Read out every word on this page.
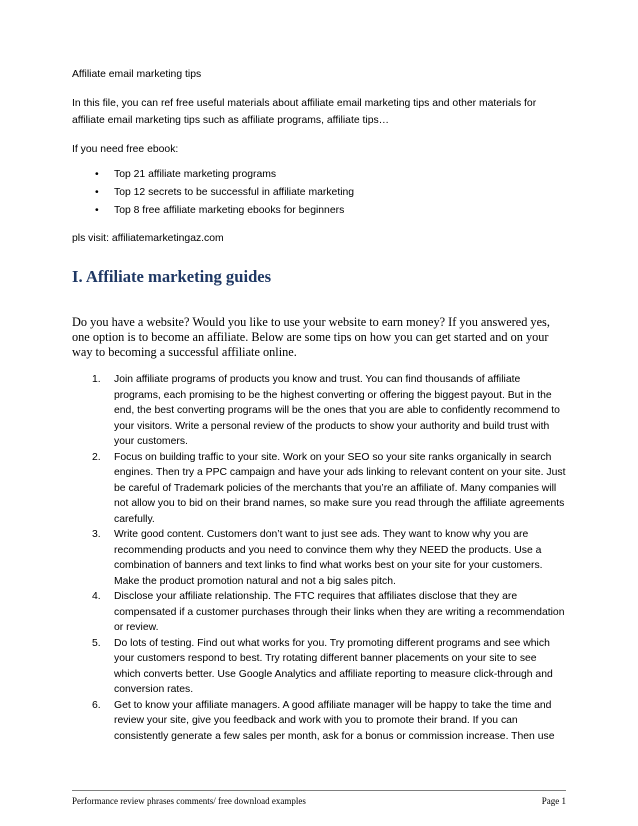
Affiliate email marketing tips

In this file, you can ref free useful materials about affiliate email marketing tips and other materials for affiliate email marketing tips such as affiliate programs, affiliate tips…

If you need free ebook:

• Top 21 affiliate marketing programs
• Top 12 secrets to be successful in affiliate marketing
• Top 8 free affiliate marketing ebooks for beginners

pls visit: affiliatemarketingaz.com

I. Affiliate marketing guides

Do you have a website? Would you like to use your website to earn money? If you answered yes, one option is to become an affiliate. Below are some tips on how you can get started and on your way to becoming a successful affiliate online.

1. Join affiliate programs of products you know and trust. You can find thousands of affiliate programs, each promising to be the highest converting or offering the biggest payout. But in the end, the best converting programs will be the ones that you are able to confidently recommend to your visitors. Write a personal review of the products to show your authority and build trust with your customers.
2. Focus on building traffic to your site. Work on your SEO so your site ranks organically in search engines. Then try a PPC campaign and have your ads linking to relevant content on your site. Just be careful of Trademark policies of the merchants that you’re an affiliate of. Many companies will not allow you to bid on their brand names, so make sure you read through the affiliate agreements carefully.
3. Write good content. Customers don’t want to just see ads. They want to know why you are recommending products and you need to convince them why they NEED the products. Use a combination of banners and text links to find what works best on your site for your customers. Make the product promotion natural and not a big sales pitch.
4. Disclose your affiliate relationship. The FTC requires that affiliates disclose that they are compensated if a customer purchases through their links when they are writing a recommendation or review.
5. Do lots of testing. Find out what works for you. Try promoting different programs and see which your customers respond to best. Try rotating different banner placements on your site to see which converts better. Use Google Analytics and affiliate reporting to measure click-through and conversion rates.
6. Get to know your affiliate managers. A good affiliate manager will be happy to take the time and review your site, give you feedback and work with you to promote their brand. If you can consistently generate a few sales per month, ask for a bonus or commission increase. Then use
Performance review phrases comments/ free download examples	Page 1
